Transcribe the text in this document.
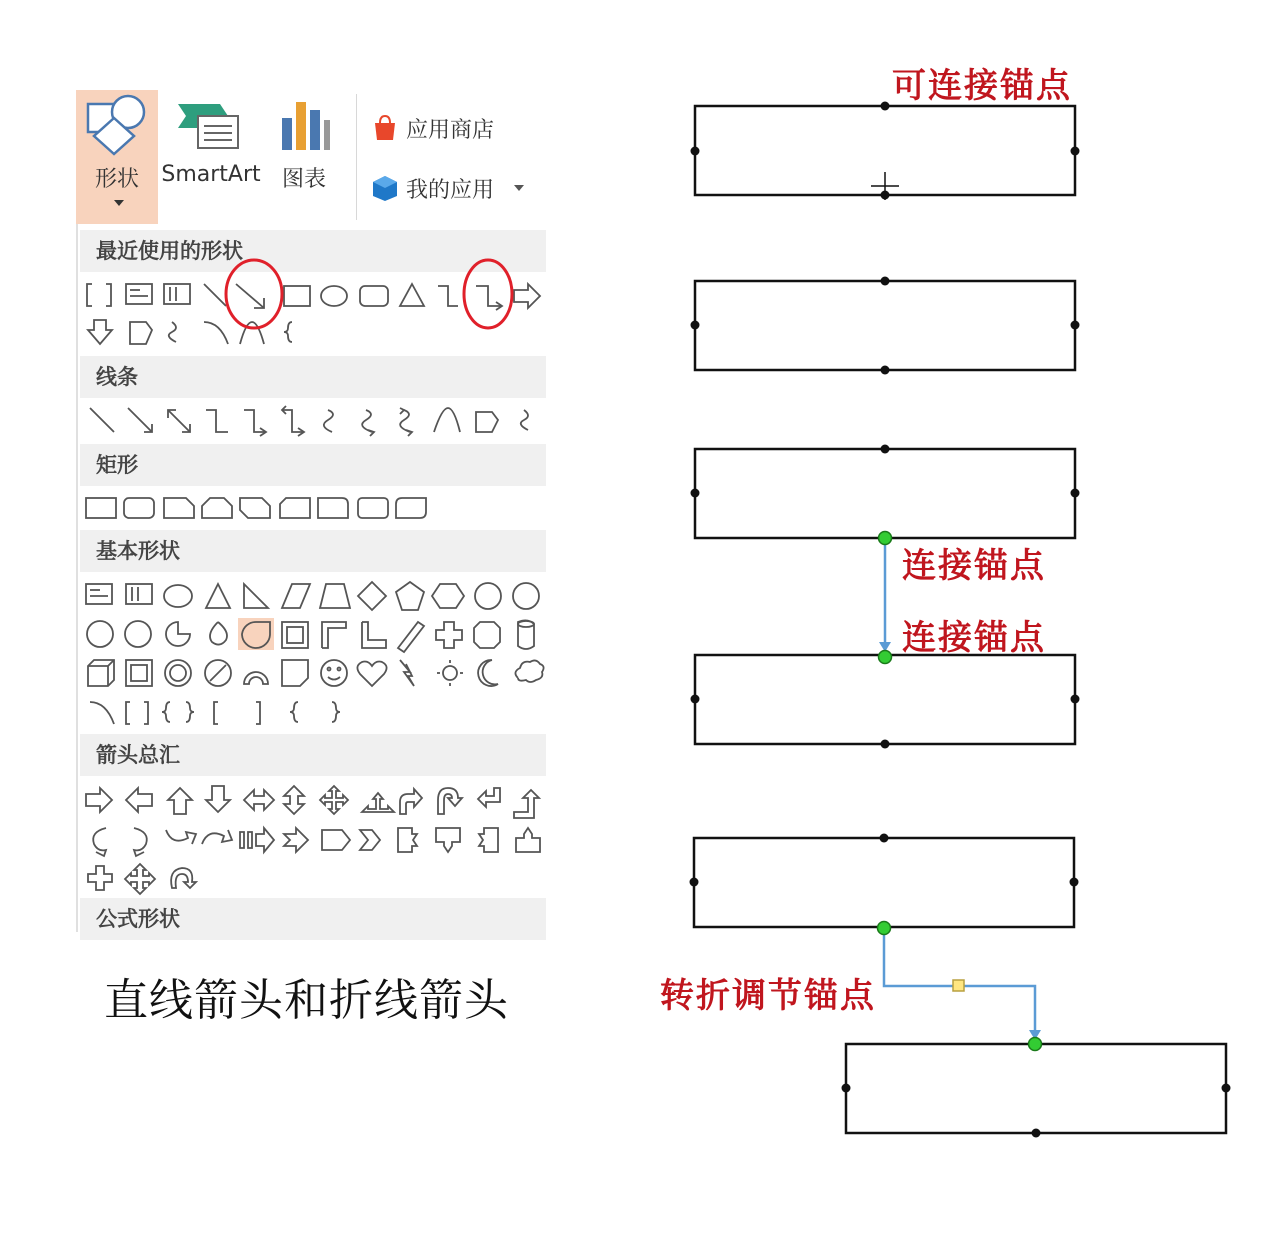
形状	SmartArt 图表
应用商店
我的应用
最近使用的形状
线条
矩形
基本形状
箭头总汇
公式形状
直线箭头和折线箭头
可连接锚点
连接锚点
连接锚点
转折调节锚点
